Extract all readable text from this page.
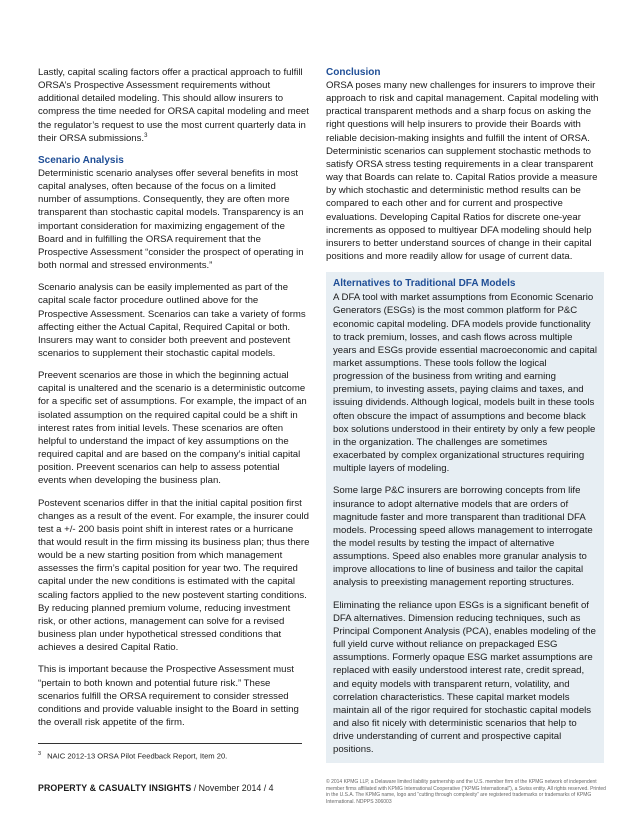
Lastly, capital scaling factors offer a practical approach to fulfill ORSA’s Prospective Assessment requirements without additional detailed modeling. This should allow insurers to compress the time needed for ORSA capital modeling and meet the regulator’s request to use the most current quarterly data in their ORSA submissions.$^3$

Scenario Analysis

Deterministic scenario analyses offer several benefits in most capital analyses, often because of the focus on a limited number of assumptions. Consequently, they are often more transparent than stochastic capital models. Transparency is an important consideration for maximizing engagement of the Board and in fulfilling the ORSA requirement that the Prospective Assessment “consider the prospect of operating in both normal and stressed environments.”

Scenario analysis can be easily implemented as part of the capital scale factor procedure outlined above for the Prospective Assessment. Scenarios can take a variety of forms affecting either the Actual Capital, Required Capital or both. Insurers may want to consider both preevent and postevent scenarios to supplement their stochastic capital models.

Preevent scenarios are those in which the beginning actual capital is unaltered and the scenario is a deterministic outcome for a specific set of assumptions. For example, the impact of an isolated assumption on the required capital could be a shift in interest rates from initial levels. These scenarios are often helpful to understand the impact of key assumptions on the required capital and are based on the company’s initial capital position. Preevent scenarios can help to assess potential events when developing the business plan.

Postevent scenarios differ in that the initial capital position first changes as a result of the event. For example, the insurer could test a +/- 200 basis point shift in interest rates or a hurricane that would result in the firm missing its business plan; thus there would be a new starting position from which management assesses the firm’s capital position for year two. The required capital under the new conditions is estimated with the capital scaling factors applied to the new postevent starting conditions. By reducing planned premium volume, reducing investment risk, or other actions, management can solve for a revised business plan under hypothetical stressed conditions that achieves a desired Capital Ratio.

This is important because the Prospective Assessment must “pertain to both known and potential future risk.” These scenarios fulfill the ORSA requirement to consider stressed conditions and provide valuable insight to the Board in setting the overall risk appetite of the firm.

Conclusion

ORSA poses many new challenges for insurers to improve their approach to risk and capital management. Capital modeling with practical transparent methods and a sharp focus on asking the right questions will help insurers to provide their Boards with reliable decision-making insights and fulfill the intent of ORSA. Deterministic scenarios can supplement stochastic methods to satisfy ORSA stress testing requirements in a clear transparent way that Boards can relate to. Capital Ratios provide a measure by which stochastic and deterministic method results can be compared to each other and for current and prospective evaluations. Developing Capital Ratios for discrete one-year increments as opposed to multiyear DFA modeling should help insurers to better understand sources of change in their capital positions and more readily allow for usage of current data.

Alternatives to Traditional DFA Models

A DFA tool with market assumptions from Economic Scenario Generators (ESGs) is the most common platform for P&C economic capital modeling. DFA models provide functionality to track premium, losses, and cash flows across multiple years and ESGs provide essential macroeconomic and capital market assumptions. These tools follow the logical progression of the business from writing and earning premium, to investing assets, paying claims and taxes, and issuing dividends. Although logical, models built in these tools often obscure the impact of assumptions and become black box solutions understood in their entirety by only a few people in the organization. The challenges are sometimes exacerbated by complex organizational structures requiring multiple layers of modeling.

Some large P&C insurers are borrowing concepts from life insurance to adopt alternative models that are orders of magnitude faster and more transparent than traditional DFA models. Processing speed allows management to interrogate the model results by testing the impact of alternative assumptions. Speed also enables more granular analysis to improve allocations to line of business and tailor the capital analysis to preexisting management reporting structures.

Eliminating the reliance upon ESGs is a significant benefit of DFA alternatives. Dimension reducing techniques, such as Principal Component Analysis (PCA), enables modeling of the full yield curve without reliance on prepackaged ESG assumptions. Formerly opaque ESG market assumptions are replaced with easily understood interest rate, credit spread, and equity models with transparent return, volatility, and correlation characteristics. These capital market models maintain all of the rigor required for stochastic capital models and also fit nicely with deterministic scenarios that help to drive understanding of current and prospective capital positions.

$^3$ NAIC 2012-13 ORSA Pilot Feedback Report, Item 20.
PROPERTY & CASUALTY INSIGHTS / November 2014 / 4
© 2014 KPMG LLP, a Delaware limited liability partnership and the U.S. member firm of the KPMG network of independent member firms affiliated with KPMG International Cooperative (“KPMG International”), a Swiss entity. All rights reserved. Printed in the U.S.A. The KPMG name, logo and “cutting through complexity” are registered trademarks or trademarks of KPMG International. NDPPS 306003
